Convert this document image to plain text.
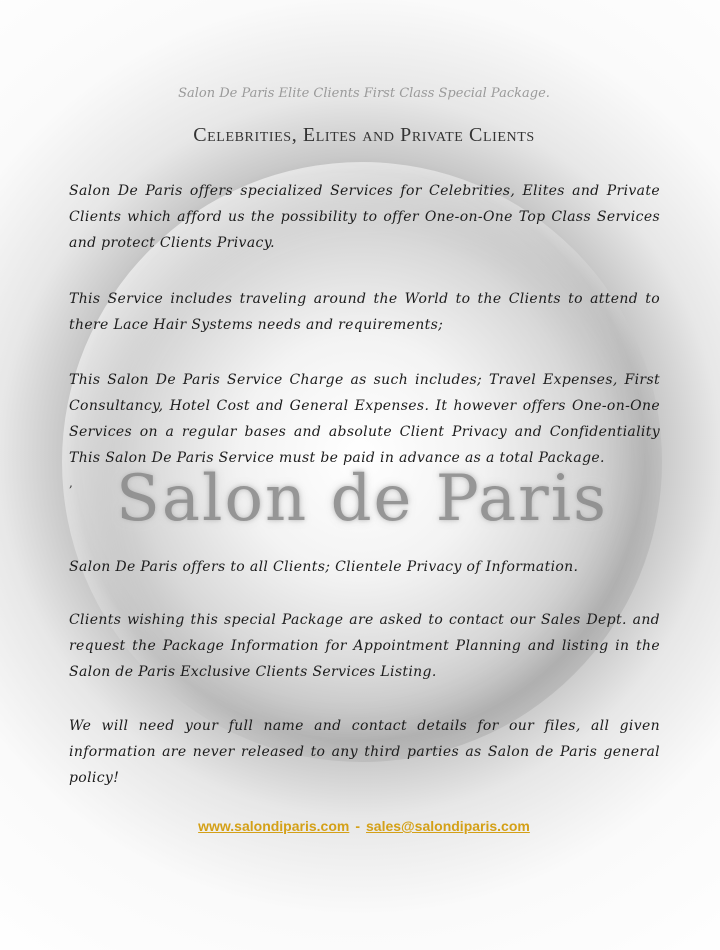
Salon De Paris Elite Clients First Class Special Package.
Celebrities, Elites and Private Clients

Salon De Paris offers specialized Services for Celebrities, Elites and Private Clients which afford us the possibility to offer One-on-One Top Class Services and protect Clients Privacy.

This Service includes traveling around the World to the Clients to attend to there Lace Hair Systems needs and requirements;

This Salon De Paris Service Charge as such includes; Travel Expenses, First Consultancy, Hotel Cost and General Expenses. It however offers One-on-One Services on a regular bases and absolute Client Privacy and Confidentiality This Salon De Paris Service must be paid in advance as a total Package.

, Salon de Paris

Salon De Paris offers to all Clients; Clientele Privacy of Information.

Clients wishing this special Package are asked to contact our Sales Dept. and request the Package Information for Appointment Planning and listing in the Salon de Paris Exclusive Clients Services Listing.

We will need your full name and contact details for our files, all given information are never released to any third parties as Salon de Paris general policy!

www.salondiparis.com - sales@salondiparis.com
